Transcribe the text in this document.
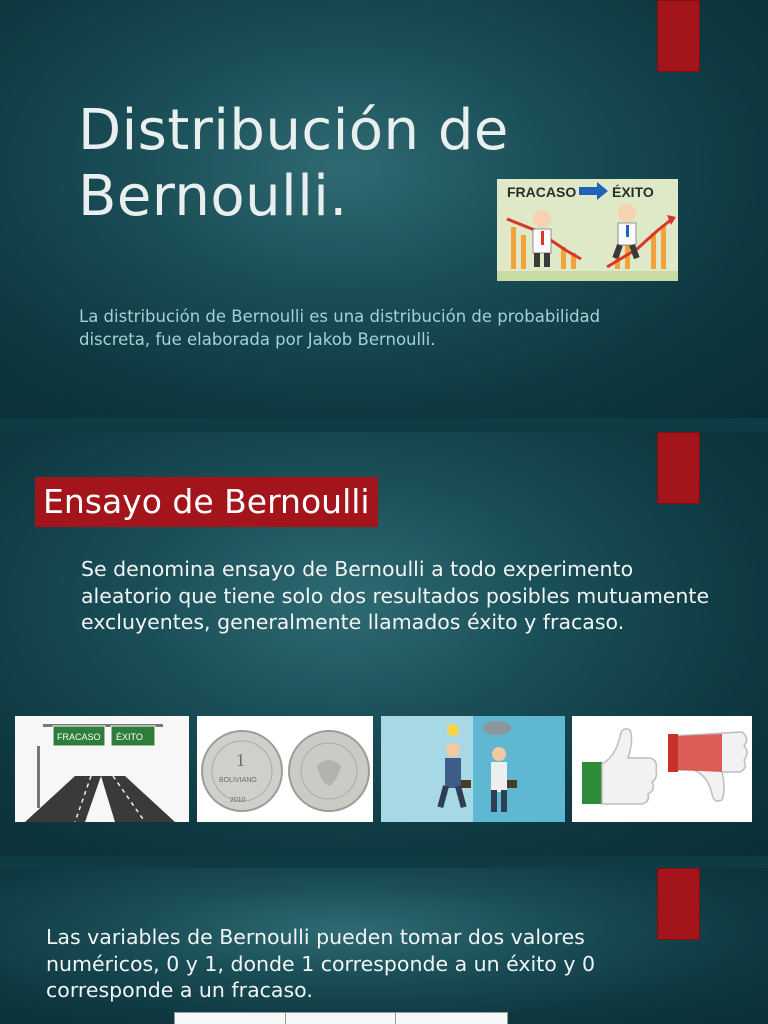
Distribución de
Bernoulli.	FRACASO	ÉXITO

La distribución de Bernoulli es una distribución de probabilidad discreta, fue elaborada por Jakob Bernoulli.

Ensayo de Bernoulli

Se denomina ensayo de Bernoulli a todo experimento aleatorio que tiene solo dos resultados posibles mutuamente excluyentes, generalmente llamados éxito y fracaso.

FRACASO ÉXITO
1
BOLIVIANO
2010

Las variables de Bernoulli pueden tomar dos valores numéricos, 0 y 1, donde 1 corresponde a un éxito y 0 corresponde a un fracaso.
